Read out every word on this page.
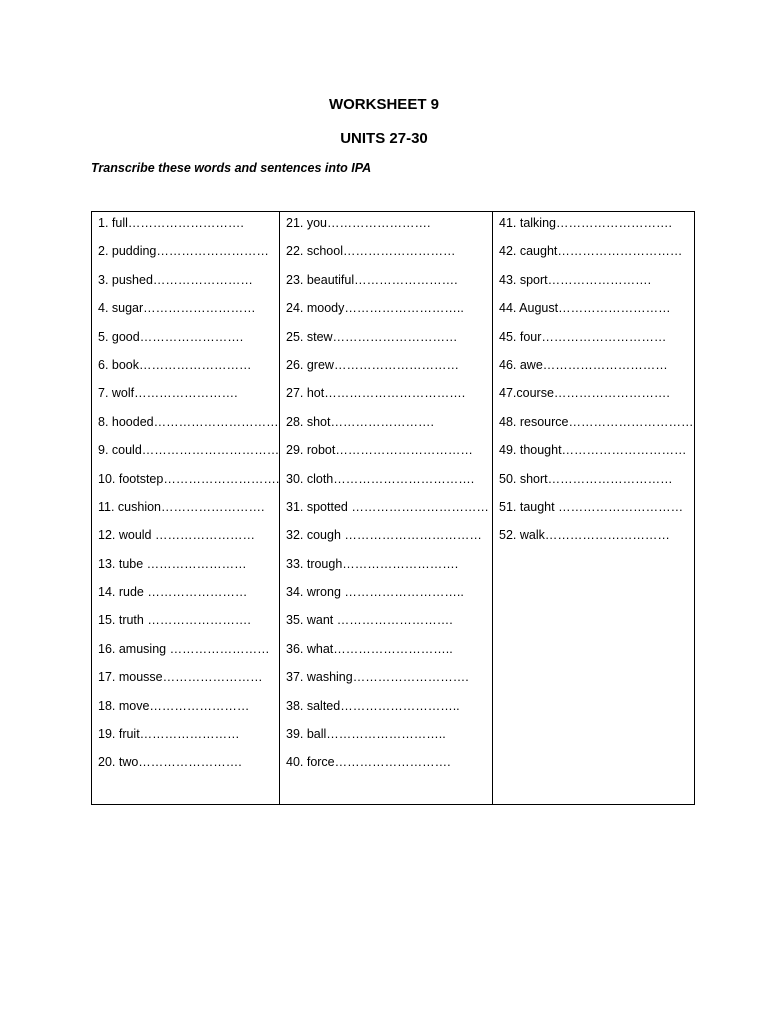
WORKSHEET 9
UNITS 27-30
Transcribe these words and sentences into IPA
1. full……………………….
2. pudding………………………
3. pushed……………………
4. sugar………………………
5. good…………………….
6. book………………………
7. wolf…………………….
8. hooded…………………………
9. could……………………………
10. footstep……………………….
11. cushion…………………….
12. would ……………………
13. tube ……………………
14. rude ……………………
15. truth …………………….
16. amusing ……………………
17. mousse……………………
18. move……………………
19. fruit……………………
20. two…………………….
21. you…………………….
22. school………………………
23. beautiful…………………….
24. moody………………………..
25. stew…………………………
26. grew…………………………
27. hot…………………………….
28. shot…………………….
29. robot……………………………
30. cloth…………………………….
31. spotted ……………………………
32. cough ……………………………
33. trough……………………….
34. wrong ………………………..
35. want ……………………….
36. what………………………..
37. washing……………………….
38. salted………………………..
39. ball………………………..
40. force……………………….
41. talking……………………….
42. caught…………………………
43. sport…………………….
44. August………………………
45. four…………………………
46. awe…………………………
47.course……………………….
48. resource…………………………
49. thought…………………………
50. short…………………………
51. taught …………………………
52. walk…………………………
